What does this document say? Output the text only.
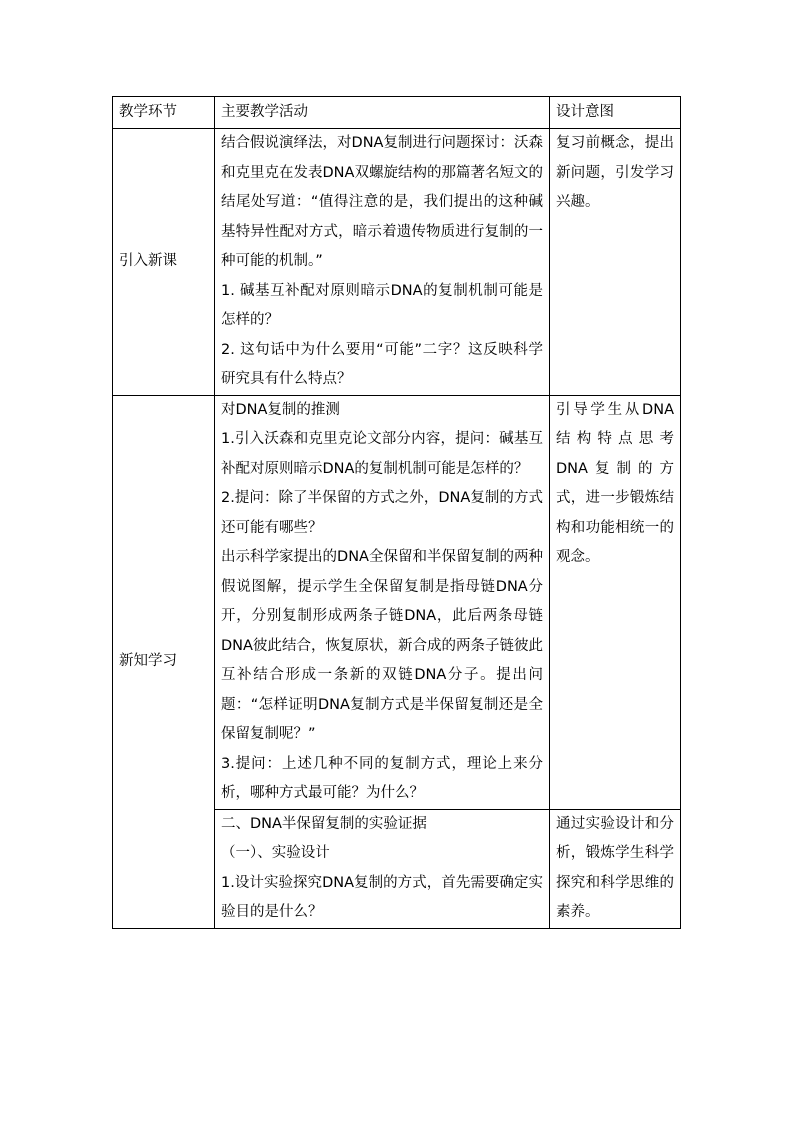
教学环节	主要教学活动	设计意图
引入新课	结合假说演绎法，对DNA复制进行问题探讨：沃森和克里克在发表DNA双螺旋结构的那篇著名短文的结尾处写道：“值得注意的是，我们提出的这种碱基特异性配对方式，暗示着遗传物质进行复制的一种可能的机制。”

1. 碱基互补配对原则暗示DNA的复制机制可能是怎样的？

2. 这句话中为什么要用“可能”二字？这反映科学研究具有什么特点？	复习前概念，提出新问题，引发学习兴趣。

新知学习	对DNA复制的推测

1.引入沃森和克里克论文部分内容，提问：碱基互补配对原则暗示DNA的复制机制可能是怎样的？

2.提问：除了半保留的方式之外，DNA复制的方式还可能有哪些？

出示科学家提出的DNA全保留和半保留复制的两种假说图解，提示学生全保留复制是指母链DNA分开，分别复制形成两条子链DNA，此后两条母链DNA彼此结合，恢复原状，新合成的两条子链彼此互补结合形成一条新的双链DNA分子。提出问题：“怎样证明DNA复制方式是半保留复制还是全保留复制呢？”

3.提问：上述几种不同的复制方式，理论上来分析，哪种方式最可能？为什么？	引导学生从DNA结构特点思考DNA复制的方式，进一步锻炼结构和功能相统一的观念。

	二、DNA半保留复制的实验证据

（一）、实验设计

1.设计实验探究DNA复制的方式，首先需要确定实验目的是什么？	通过实验设计和分析，锻炼学生科学探究和科学思维的素养。
